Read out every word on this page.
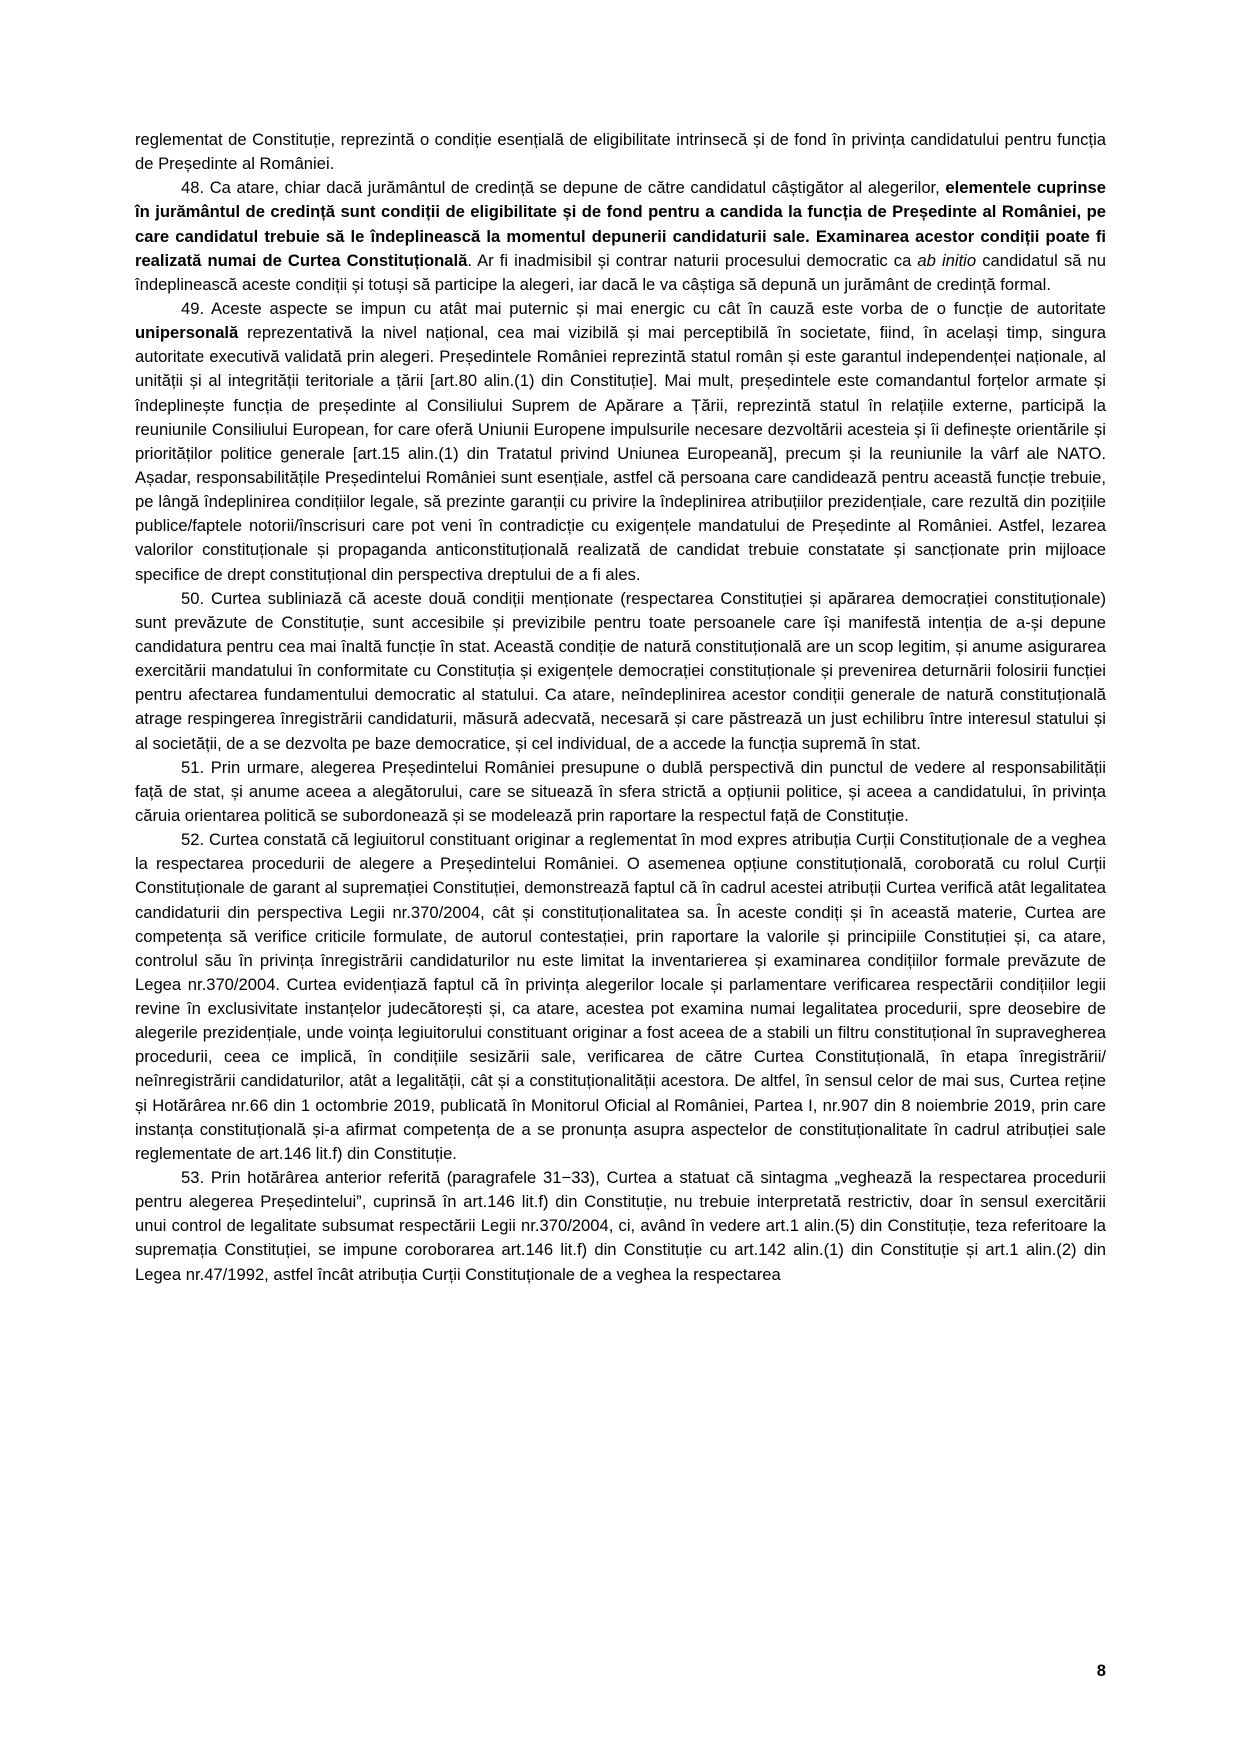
reglementat de Constituție, reprezintă o condiție esențială de eligibilitate intrinsecă și de fond în privința candidatului pentru funcția de Președinte al României.

48. Ca atare, chiar dacă jurământul de credință se depune de către candidatul câștigător al alegerilor, elementele cuprinse în jurământul de credință sunt condiții de eligibilitate și de fond pentru a candida la funcția de Președinte al României, pe care candidatul trebuie să le îndeplinească la momentul depunerii candidaturii sale. Examinarea acestor condiții poate fi realizată numai de Curtea Constituțională. Ar fi inadmisibil și contrar naturii procesului democratic ca ab initio candidatul să nu îndeplinească aceste condiții și totuși să participe la alegeri, iar dacă le va câștiga să depună un jurământ de credință formal.

49. Aceste aspecte se impun cu atât mai puternic și mai energic cu cât în cauză este vorba de o funcție de autoritate unipersonală reprezentativă la nivel național, cea mai vizibilă și mai perceptibilă în societate, fiind, în același timp, singura autoritate executivă validată prin alegeri. Președintele României reprezintă statul român și este garantul independenței naționale, al unității și al integrității teritoriale a țării [art.80 alin.(1) din Constituție]. Mai mult, președintele este comandantul forțelor armate și îndeplinește funcția de președinte al Consiliului Suprem de Apărare a Țării, reprezintă statul în relațiile externe, participă la reuniunile Consiliului European, for care oferă Uniunii Europene impulsurile necesare dezvoltării acesteia și îi definește orientările și priorităților politice generale [art.15 alin.(1) din Tratatul privind Uniunea Europeană], precum și la reuniunile la vârf ale NATO. Așadar, responsabilitățile Președintelui României sunt esențiale, astfel că persoana care candidează pentru această funcție trebuie, pe lângă îndeplinirea condițiilor legale, să prezinte garanții cu privire la îndeplinirea atribuțiilor prezidențiale, care rezultă din pozițiile publice/faptele notorii/înscrisuri care pot veni în contradicție cu exigențele mandatului de Președinte al României. Astfel, lezarea valorilor constituționale și propaganda anticonstituțională realizată de candidat trebuie constatate și sancționate prin mijloace specifice de drept constituțional din perspectiva dreptului de a fi ales.

50. Curtea subliniază că aceste două condiții menționate (respectarea Constituției și apărarea democrației constituționale) sunt prevăzute de Constituție, sunt accesibile și previzibile pentru toate persoanele care își manifestă intenția de a-și depune candidatura pentru cea mai înaltă funcție în stat. Această condiție de natură constituțională are un scop legitim, și anume asigurarea exercitării mandatului în conformitate cu Constituția și exigențele democrației constituționale și prevenirea deturnării folosirii funcției pentru afectarea fundamentului democratic al statului. Ca atare, neîndeplinirea acestor condiții generale de natură constituțională atrage respingerea înregistrării candidaturii, măsură adecvată, necesară și care păstrează un just echilibru între interesul statului și al societății, de a se dezvolta pe baze democratice, și cel individual, de a accede la funcția supremă în stat.

51. Prin urmare, alegerea Președintelui României presupune o dublă perspectivă din punctul de vedere al responsabilității față de stat, și anume aceea a alegătorului, care se situează în sfera strictă a opțiunii politice, și aceea a candidatului, în privința căruia orientarea politică se subordonează și se modelează prin raportare la respectul față de Constituție.

52. Curtea constată că legiuitorul constituant originar a reglementat în mod expres atribuția Curții Constituționale de a veghea la respectarea procedurii de alegere a Președintelui României. O asemenea opțiune constituțională, coroborată cu rolul Curții Constituționale de garant al supremației Constituției, demonstrează faptul că în cadrul acestei atribuții Curtea verifică atât legalitatea candidaturii din perspectiva Legii nr.370/2004, cât și constituționalitatea sa. În aceste condiți și în această materie, Curtea are competența să verifice criticile formulate, de autorul contestației, prin raportare la valorile și principiile Constituției și, ca atare, controlul său în privința înregistrării candidaturilor nu este limitat la inventarierea și examinarea condițiilor formale prevăzute de Legea nr.370/2004. Curtea evidențiază faptul că în privința alegerilor locale și parlamentare verificarea respectării condițiilor legii revine în exclusivitate instanțelor judecătorești și, ca atare, acestea pot examina numai legalitatea procedurii, spre deosebire de alegerile prezidențiale, unde voința legiuitorului constituant originar a fost aceea de a stabili un filtru constituțional în supravegherea procedurii, ceea ce implică, în condițiile sesizării sale, verificarea de către Curtea Constituțională, în etapa înregistrării/ neînregistrării candidaturilor, atât a legalității, cât și a constituționalității acestora. De altfel, în sensul celor de mai sus, Curtea reține și Hotărârea nr.66 din 1 octombrie 2019, publicată în Monitorul Oficial al României, Partea I, nr.907 din 8 noiembrie 2019, prin care instanța constituțională și-a afirmat competența de a se pronunța asupra aspectelor de constituționalitate în cadrul atribuției sale reglementate de art.146 lit.f) din Constituție.

53. Prin hotărârea anterior referită (paragrafele 31−33), Curtea a statuat că sintagma „veghează la respectarea procedurii pentru alegerea Președintelui”, cuprinsă în art.146 lit.f) din Constituție, nu trebuie interpretată restrictiv, doar în sensul exercitării unui control de legalitate subsumat respectării Legii nr.370/2004, ci, având în vedere art.1 alin.(5) din Constituție, teza referitoare la supremația Constituției, se impune coroborarea art.146 lit.f) din Constituție cu art.142 alin.(1) din Constituție și art.1 alin.(2) din Legea nr.47/1992, astfel încât atribuția Curții Constituționale de a veghea la respectarea

8
